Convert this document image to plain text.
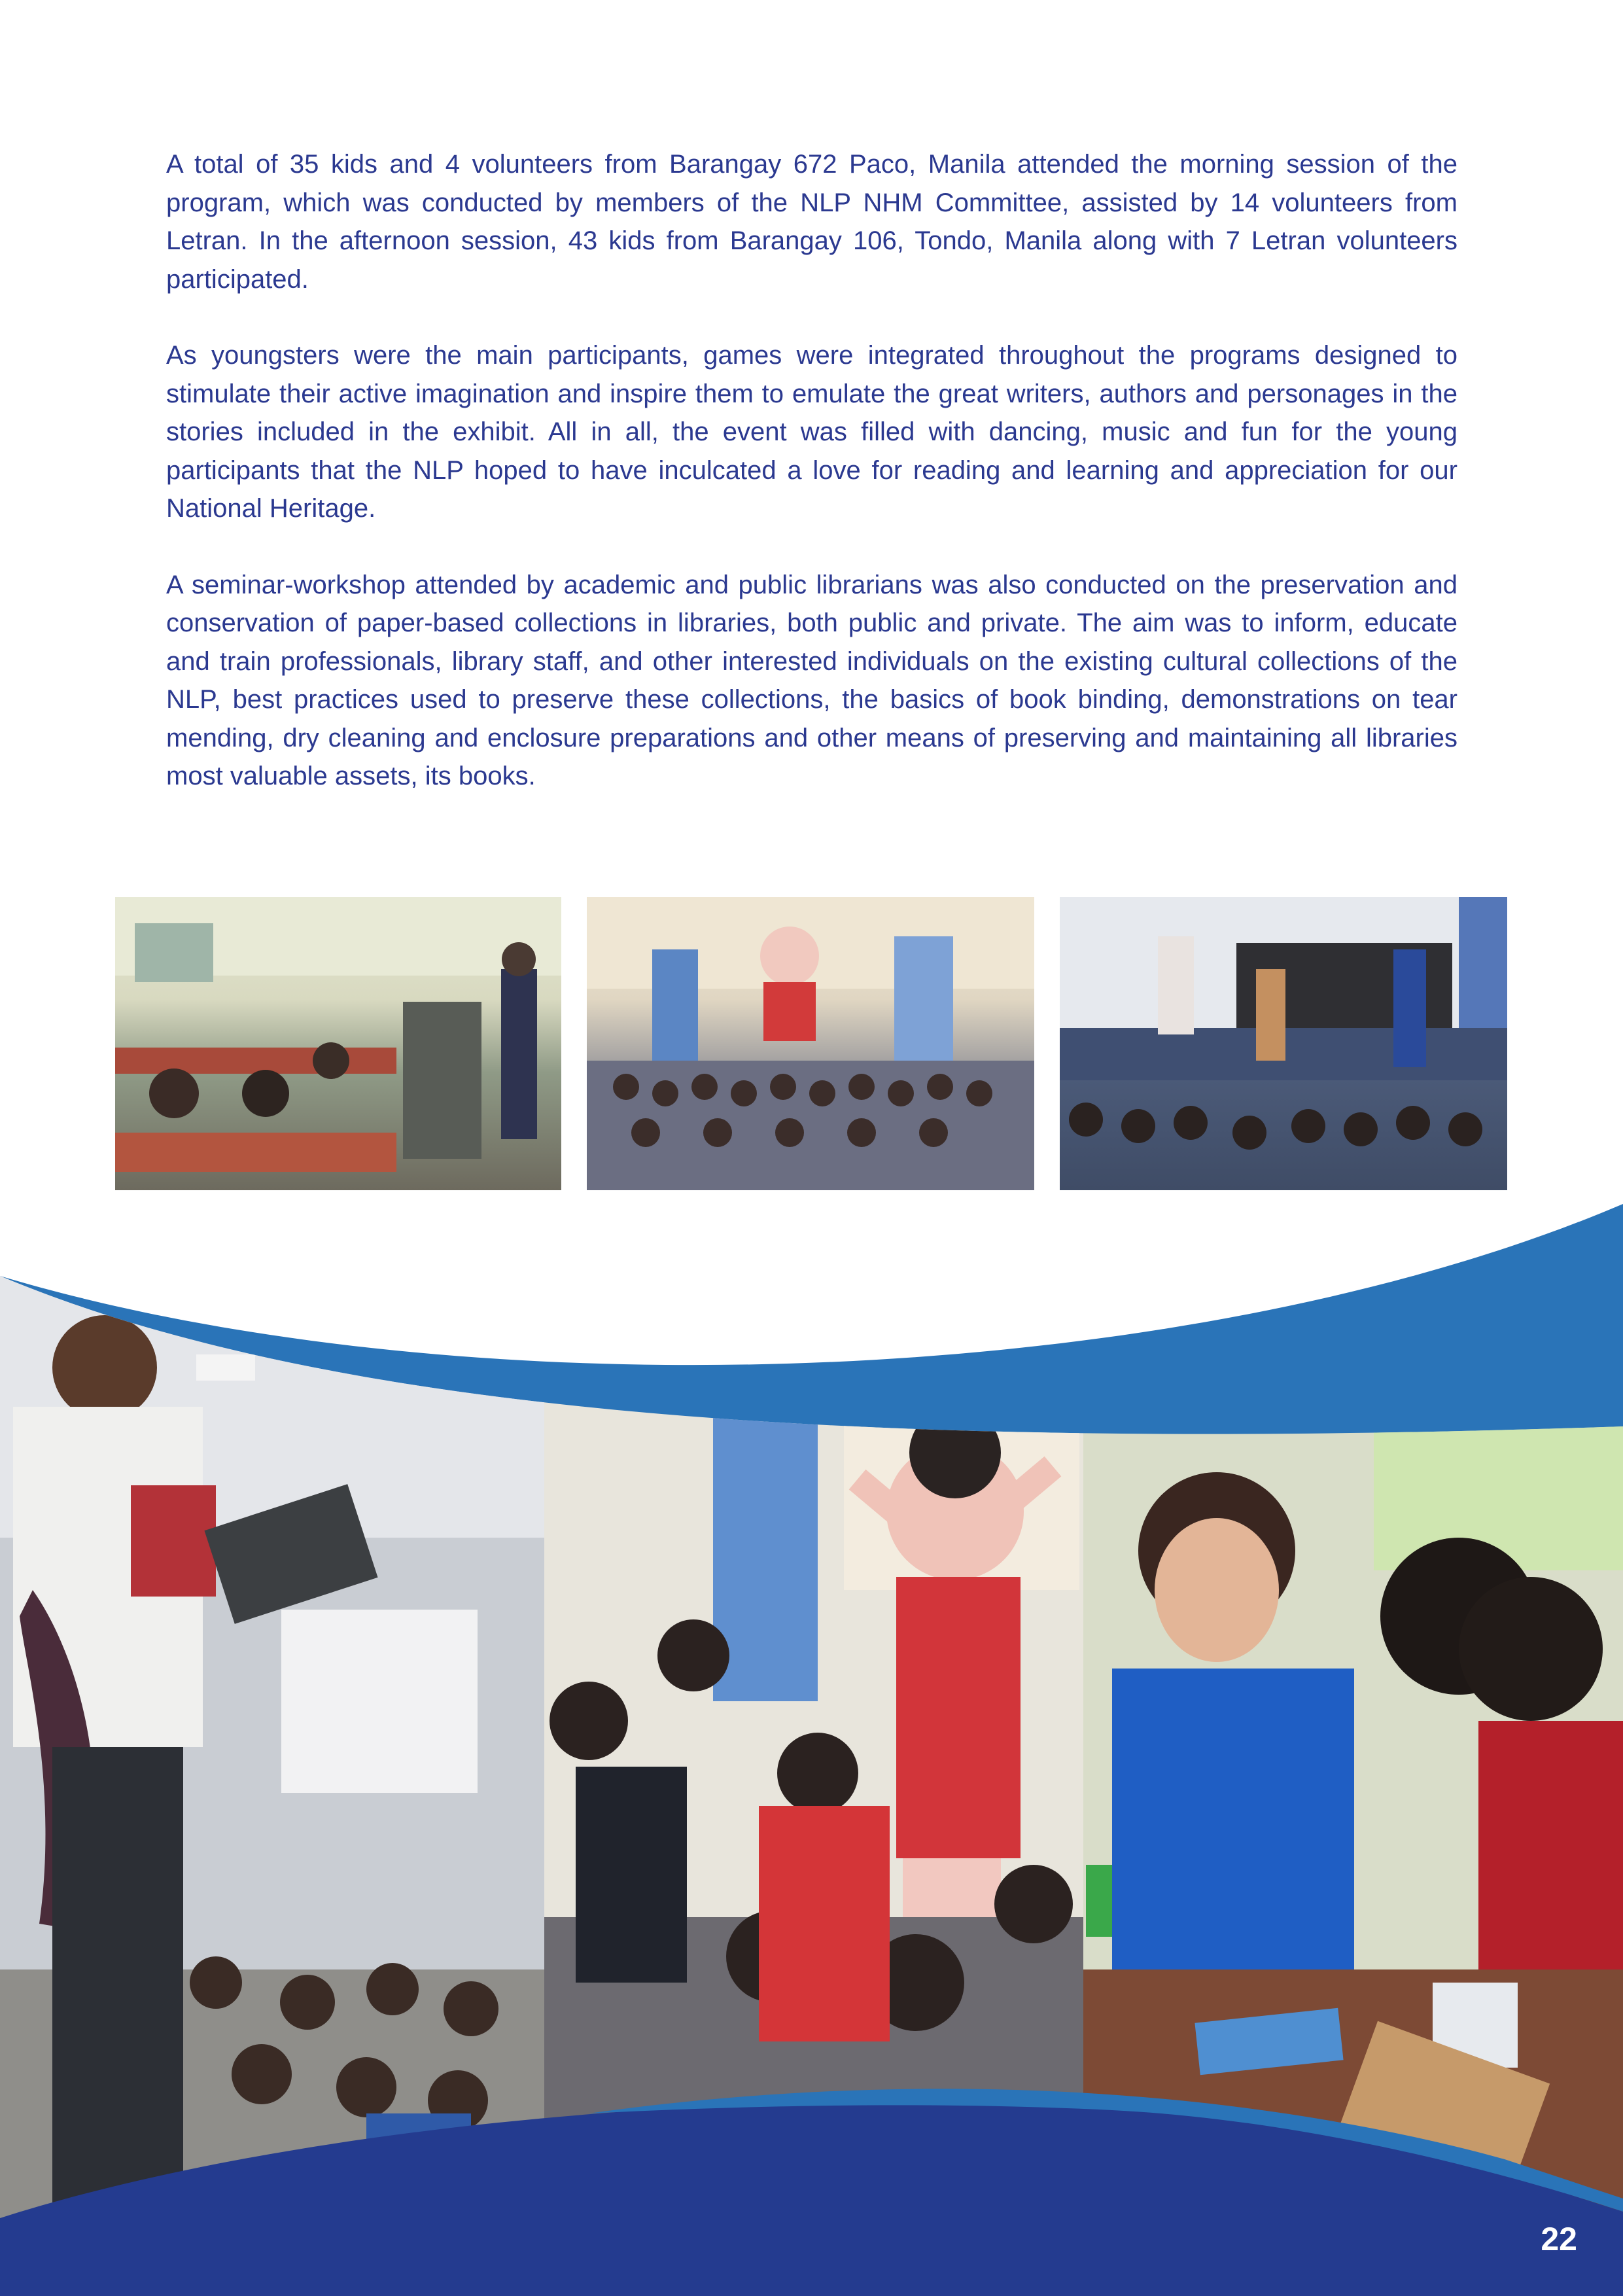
A total of 35 kids and 4 volunteers from Barangay 672 Paco, Manila attended the morning session of the program, which was conducted by members of the NLP NHM Committee, assisted by 14 volunteers from Letran. In the afternoon session, 43 kids from Barangay 106, Tondo, Manila along with 7 Letran volunteers participated.

As youngsters were the main participants, games were integrated throughout the programs designed to stimulate their active imagination and inspire them to emulate the great writers, authors and personages in the stories included in the exhibit. All in all, the event was filled with dancing, music and fun for the young participants that the NLP hoped to have inculcated a love for reading and learning and appreciation for our National Heritage.

A seminar-workshop attended by academic and public librarians was also conducted on the preservation and conservation of paper-based collections in libraries, both public and private. The aim was to inform, educate and train professionals, library staff, and other interested individuals on the existing cultural collections of the NLP, best practices used to preserve these collections, the basics of book binding, demonstrations on tear mending, dry cleaning and enclosure preparations and other means of preserving and maintaining all libraries most valuable assets, its books.

22
